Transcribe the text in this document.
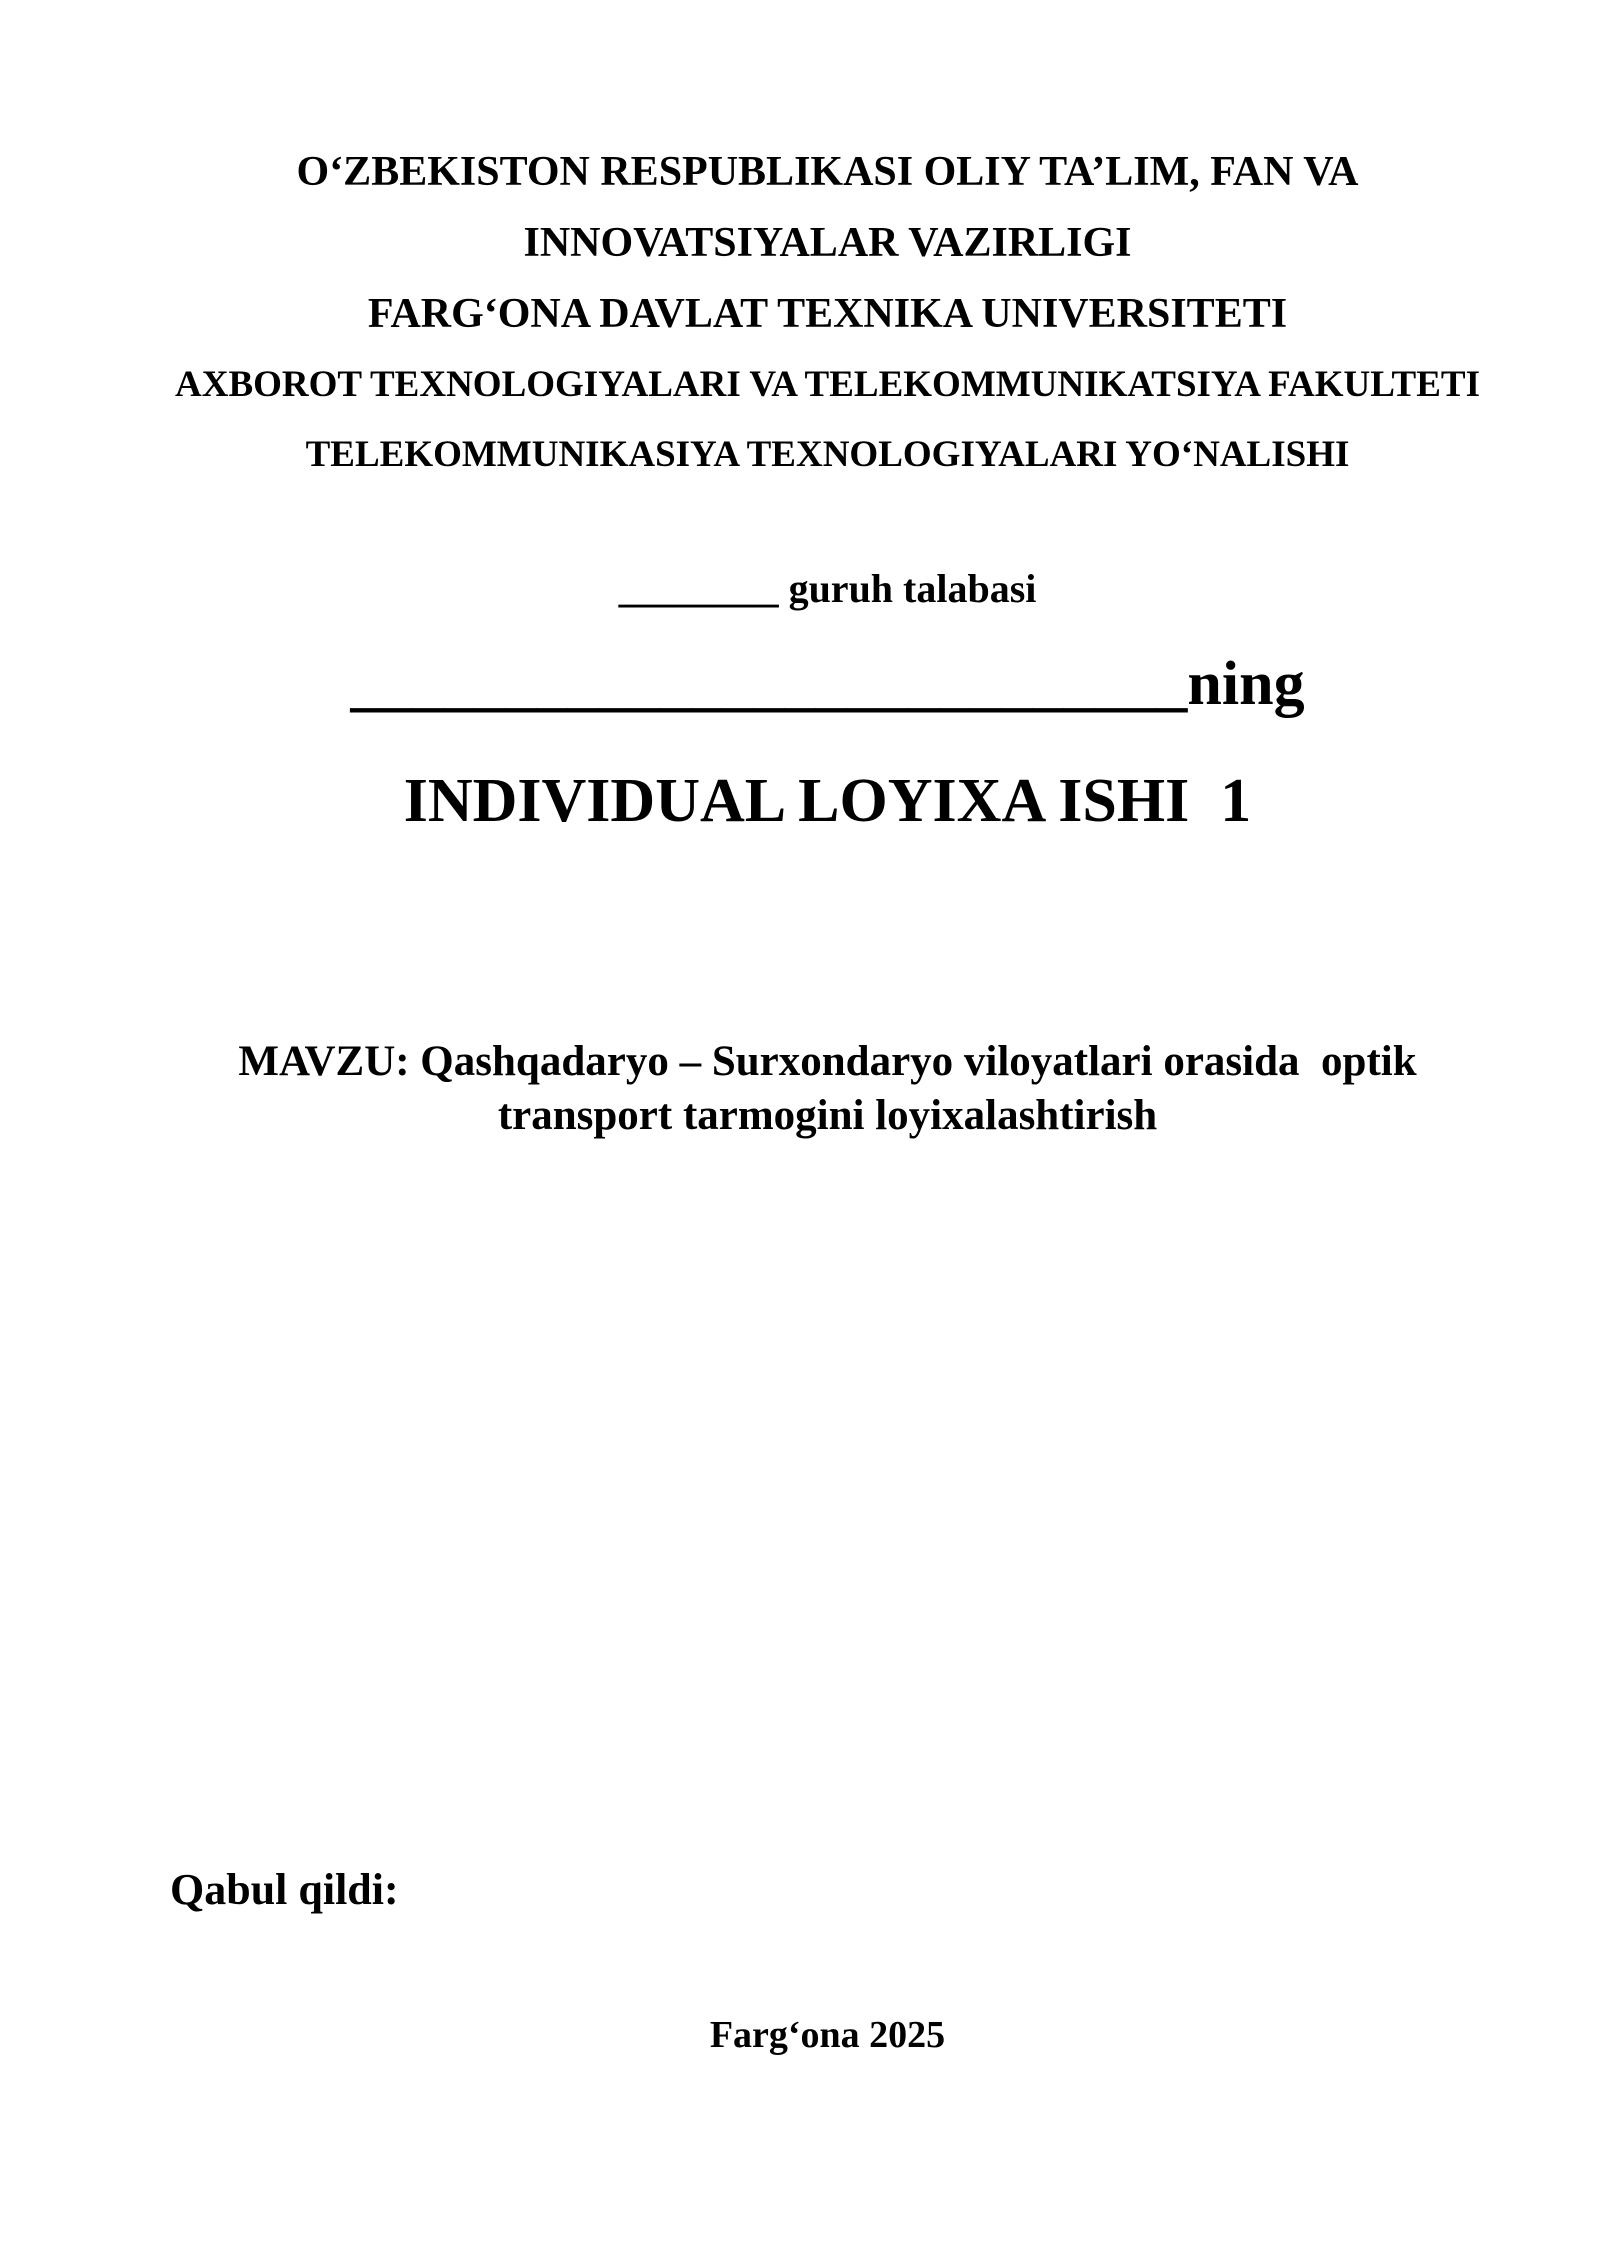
O‘ZBEKISTON RESPUBLIKASI OLIY TA’LIM, FAN VA
INNOVATSIYALAR VAZIRLIGI
FARG‘ONA DAVLAT TEXNIKA UNIVERSITETI
AXBOROT TEXNOLOGIYALARI VA TELEKOMMUNIKATSIYA FAKULTETI
TELEKOMMUNIKASIYA TEXNOLOGIYALARI YO‘NALISHI
________ guruh talabasi
___________________________ning
INDIVIDUAL LOYIXA ISHI  1
MAVZU: Qashqadaryo – Surxondaryo viloyatlari orasida  optik
transport tarmogini loyixalashtirish
Qabul qildi:
Farg‘ona 2025
